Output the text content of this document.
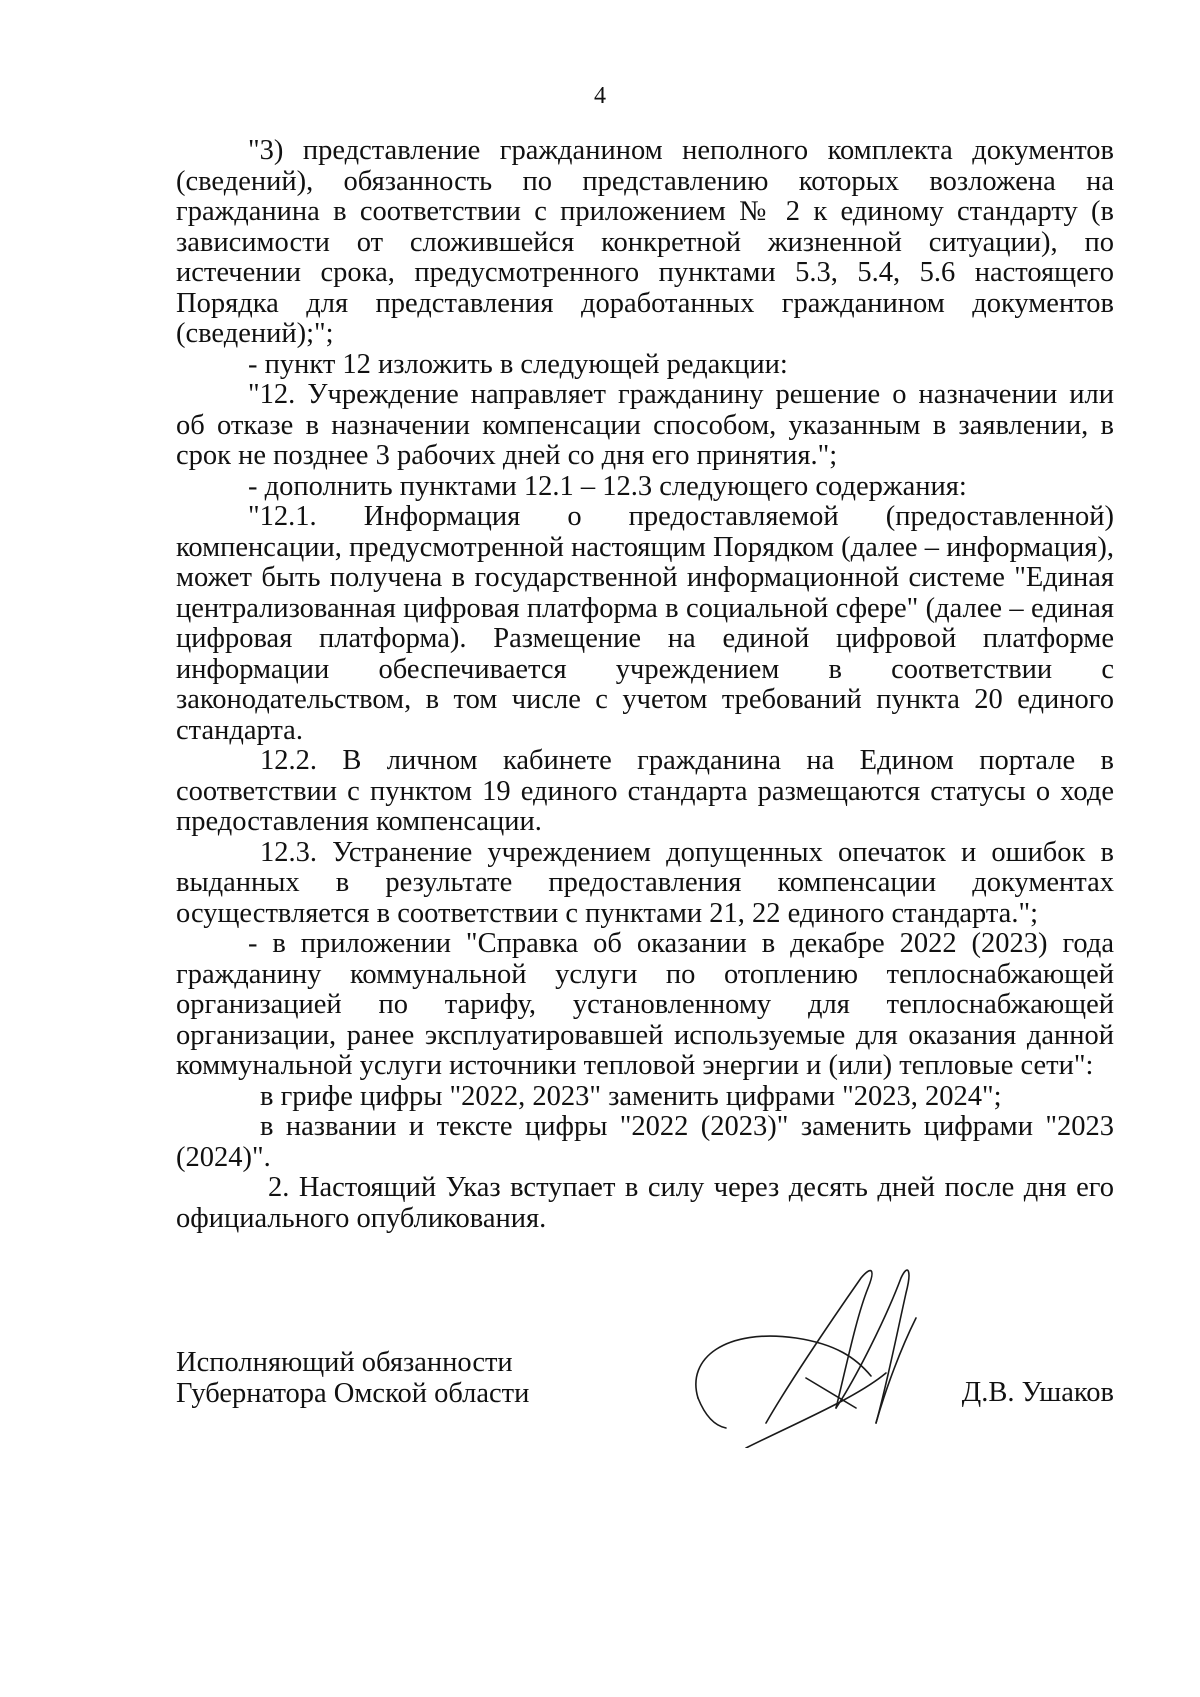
4

"3) представление гражданином неполного комплекта документов (сведений), обязанность по представлению которых возложена на гражданина в соответствии с приложением № 2 к единому стандарту (в зависимости от сложившейся конкретной жизненной ситуации), по истечении срока, предусмотренного пунктами 5.3, 5.4, 5.6 настоящего Порядка для представления доработанных гражданином документов (сведений);";

- пункт 12 изложить в следующей редакции:

"12. Учреждение направляет гражданину решение о назначении или об отказе в назначении компенсации способом, указанным в заявлении, в срок не позднее 3 рабочих дней со дня его принятия.";

- дополнить пунктами 12.1 – 12.3 следующего содержания:

"12.1. Информация о предоставляемой (предоставленной) компенсации, предусмотренной настоящим Порядком (далее – информация), может быть получена в государственной информационной системе "Единая централизованная цифровая платформа в социальной сфере" (далее – единая цифровая платформа). Размещение на единой цифровой платформе информации обеспечивается учреждением в соответствии с законодательством, в том числе с учетом требований пункта 20 единого стандарта.

12.2. В личном кабинете гражданина на Едином портале в соответствии с пунктом 19 единого стандарта размещаются статусы о ходе предоставления компенсации.

12.3. Устранение учреждением допущенных опечаток и ошибок в выданных в результате предоставления компенсации документах осуществляется в соответствии с пунктами 21, 22 единого стандарта.";

- в приложении "Справка об оказании в декабре 2022 (2023) года гражданину коммунальной услуги по отоплению теплоснабжающей организацией по тарифу, установленному для теплоснабжающей организации, ранее эксплуатировавшей используемые для оказания данной коммунальной услуги источники тепловой энергии и (или) тепловые сети":

в грифе цифры "2022, 2023" заменить цифрами "2023, 2024";

в названии и тексте цифры "2022 (2023)" заменить цифрами "2023 (2024)".

2. Настоящий Указ вступает в силу через десять дней после дня его официального опубликования.

Исполняющий обязанности
Губернатора Омской области	Д.В. Ушаков
